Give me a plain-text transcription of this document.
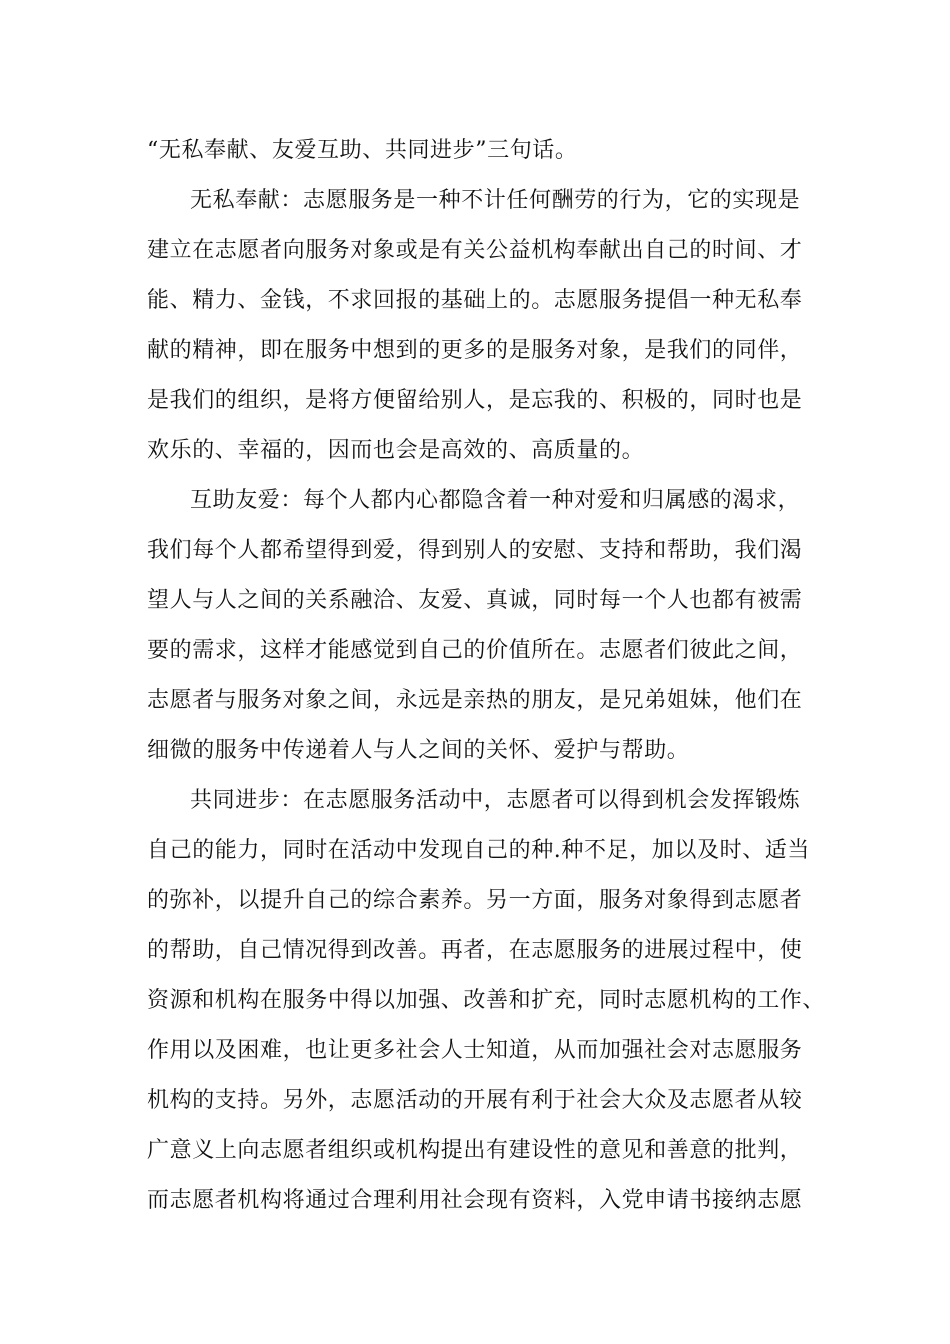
“无私奉献、友爱互助、共同进步”三句话。
无私奉献：志愿服务是一种不计任何酬劳的行为，它的实现是
建立在志愿者向服务对象或是有关公益机构奉献出自己的时间、才
能、精力、金钱，不求回报的基础上的。志愿服务提倡一种无私奉
献的精神，即在服务中想到的更多的是服务对象，是我们的同伴，
是我们的组织，是将方便留给别人，是忘我的、积极的，同时也是
欢乐的、幸福的，因而也会是高效的、高质量的。
互助友爱：每个人都内心都隐含着一种对爱和归属感的渴求，
我们每个人都希望得到爱，得到别人的安慰、支持和帮助，我们渴
望人与人之间的关系融洽、友爱、真诚，同时每一个人也都有被需
要的需求，这样才能感觉到自己的价值所在。志愿者们彼此之间，
志愿者与服务对象之间，永远是亲热的朋友，是兄弟姐妹，他们在
细微的服务中传递着人与人之间的关怀、爱护与帮助。
共同进步：在志愿服务活动中，志愿者可以得到机会发挥锻炼
自己的能力，同时在活动中发现自己的种.种不足，加以及时、适当
的弥补，以提升自己的综合素养。另一方面，服务对象得到志愿者
的帮助，自己情况得到改善。再者，在志愿服务的进展过程中，使
资源和机构在服务中得以加强、改善和扩充，同时志愿机构的工作、
作用以及困难，也让更多社会人士知道，从而加强社会对志愿服务
机构的支持。另外，志愿活动的开展有利于社会大众及志愿者从较
广意义上向志愿者组织或机构提出有建设性的意见和善意的批判，
而志愿者机构将通过合理利用社会现有资料，入党申请书接纳志愿
